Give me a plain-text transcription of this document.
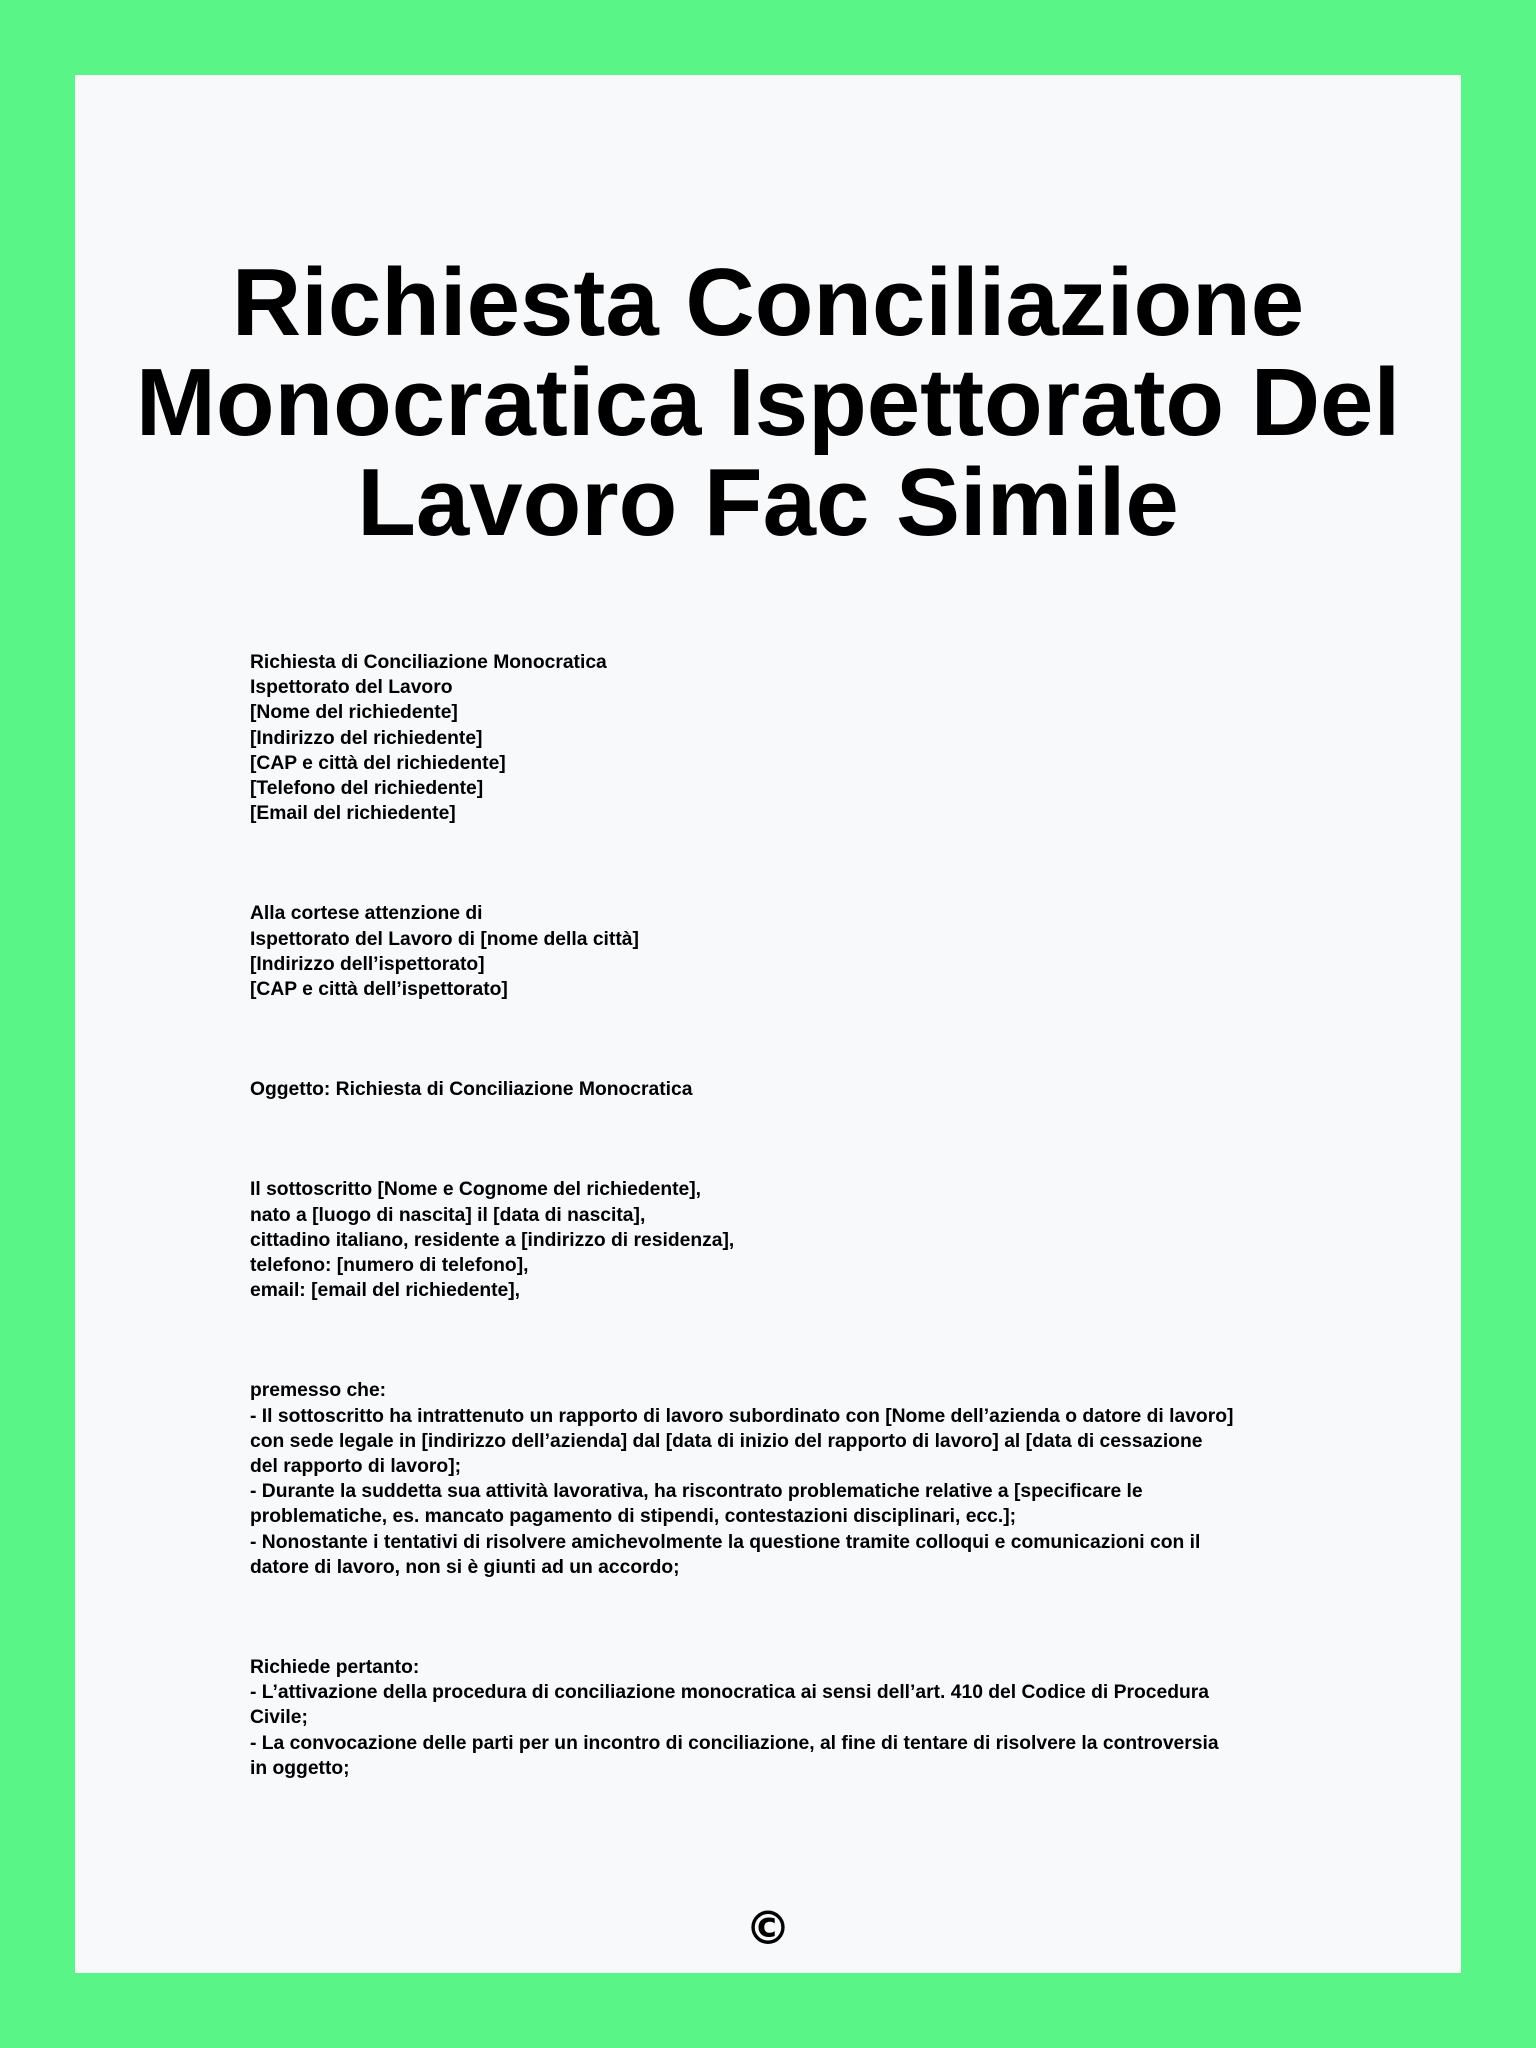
Richiesta Conciliazione Monocratica Ispettorato Del Lavoro Fac Simile
Richiesta di Conciliazione Monocratica
Ispettorato del Lavoro
[Nome del richiedente]
[Indirizzo del richiedente]
[CAP e città del richiedente]
[Telefono del richiedente]
[Email del richiedente]
Alla cortese attenzione di
Ispettorato del Lavoro di [nome della città]
[Indirizzo dell’ispettorato]
[CAP e città dell’ispettorato]
Oggetto: Richiesta di Conciliazione Monocratica
Il sottoscritto [Nome e Cognome del richiedente],
nato a [luogo di nascita] il [data di nascita],
cittadino italiano, residente a [indirizzo di residenza],
telefono: [numero di telefono],
email: [email del richiedente],
premesso che:
- Il sottoscritto ha intrattenuto un rapporto di lavoro subordinato con [Nome dell’azienda o datore di lavoro]
con sede legale in [indirizzo dell’azienda] dal [data di inizio del rapporto di lavoro] al [data di cessazione
del rapporto di lavoro];
- Durante la suddetta sua attività lavorativa, ha riscontrato problematiche relative a [specificare le
problematiche, es. mancato pagamento di stipendi, contestazioni disciplinari, ecc.];
- Nonostante i tentativi di risolvere amichevolmente la questione tramite colloqui e comunicazioni con il
datore di lavoro, non si è giunti ad un accordo;
Richiede pertanto:
- L’attivazione della procedura di conciliazione monocratica ai sensi dell’art. 410 del Codice di Procedura
Civile;
- La convocazione delle parti per un incontro di conciliazione, al fine di tentare di risolvere la controversia
in oggetto;
©
